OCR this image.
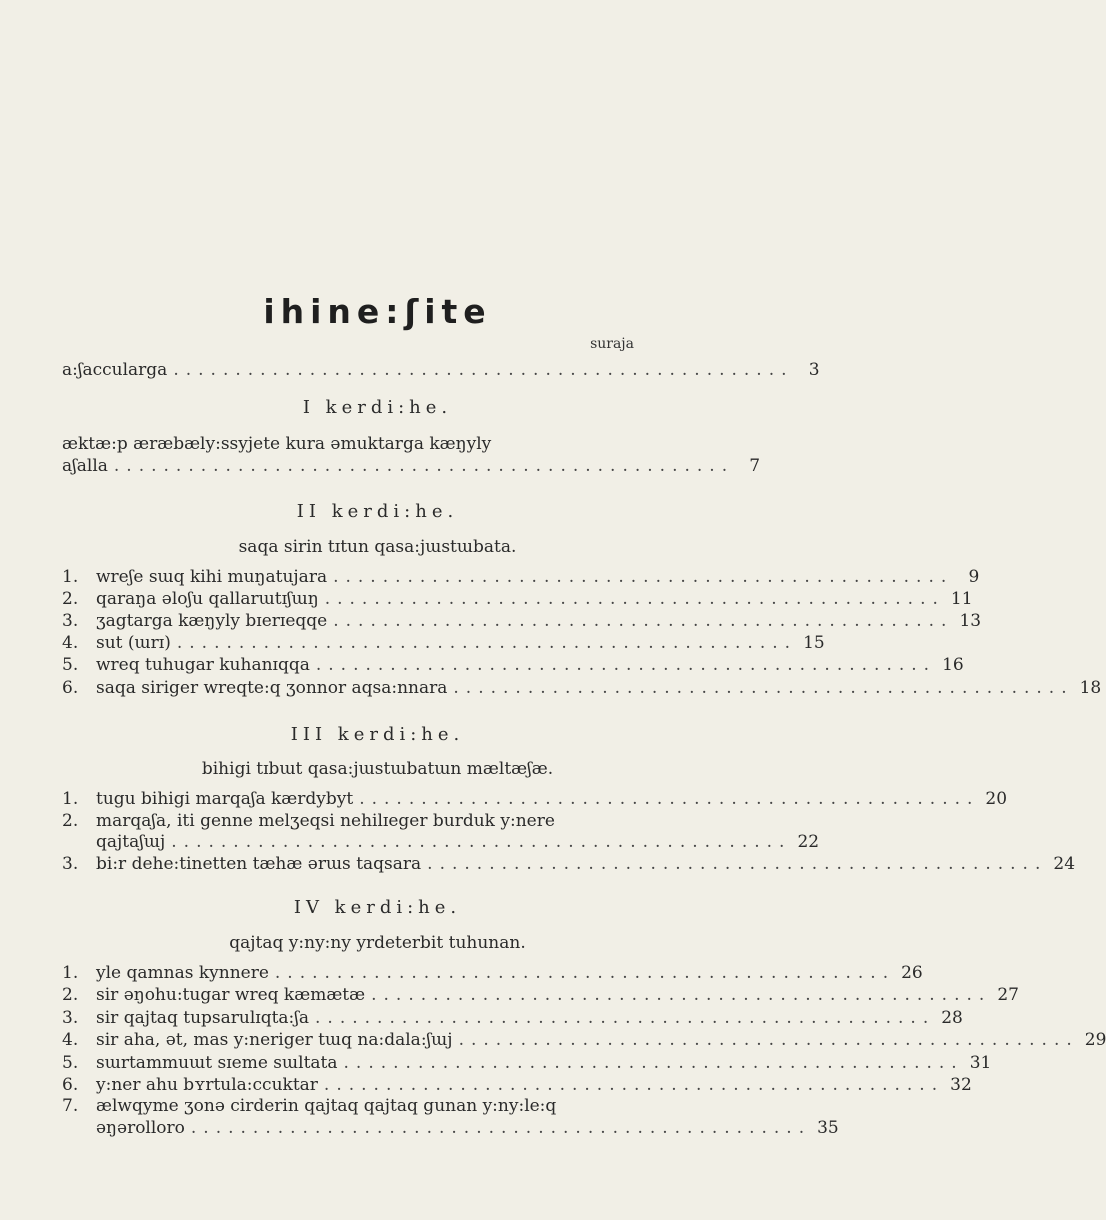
ihine:ʃite
suraja
a:ʃaccularga .................................................. 3
I kerdi:he.
æktæ:p æræbæly:ssyjete kura əmuktarga kæŋyly
aʃalla .................................................. 7
II kerdi:he.
saqa sirin tɪtun qasa:jɯstɯbata.
1.	wreʃe sɯq kihi muŋatujara .................................................. 9
2.	qaraŋa əloʃu qallarɯtɪʃɯŋ .................................................. 11
3.	ʒagtarga kæŋyly bɪerɪeqqe .................................................. 13
4.	sut (ɯrɪ) .................................................. 15
5.	wreq tuhugar kuhanɪqqa .................................................. 16
6.	saqa siriger wreqte:q ʒonnor aqsa:nnara .................................................. 18
III kerdi:he.
bihigi tɪbɯt qasa:jɯstɯbatɯn mæltæʃæ.
1.	tugu bihigi marqaʃa kærdybyt .................................................. 20
2. marqaʃa, iti genne melʒeqsi nehilɪeger burduk y:nere
qajtaʃɯj .................................................. 22
3.	bi:r dehe:tinetten tæhæ ərɯs taqsara .................................................. 24
IV kerdi:he.
qajtaq y:ny:ny yrdeterbit tuhunan.
1.	yle qamnas kynnere .................................................. 26
2.	sir əŋohu:tugar wreq kæmætæ .................................................. 27
3.	sir qajtaq tupsarulɪqta:ʃa .................................................. 28
4.	sir aha, ət, mas y:neriger tɯq na:dala:ʃɯj .................................................. 29
5.	sɯrtammuɯt sɪeme sɯltata .................................................. 31
6.	y:ner ahu bʏrtula:ccuktar .................................................. 32
7. ælwqyme ʒonə cirderin qajtaq qajtaq gunan y:ny:le:q
əŋərolloro .................................................. 35
